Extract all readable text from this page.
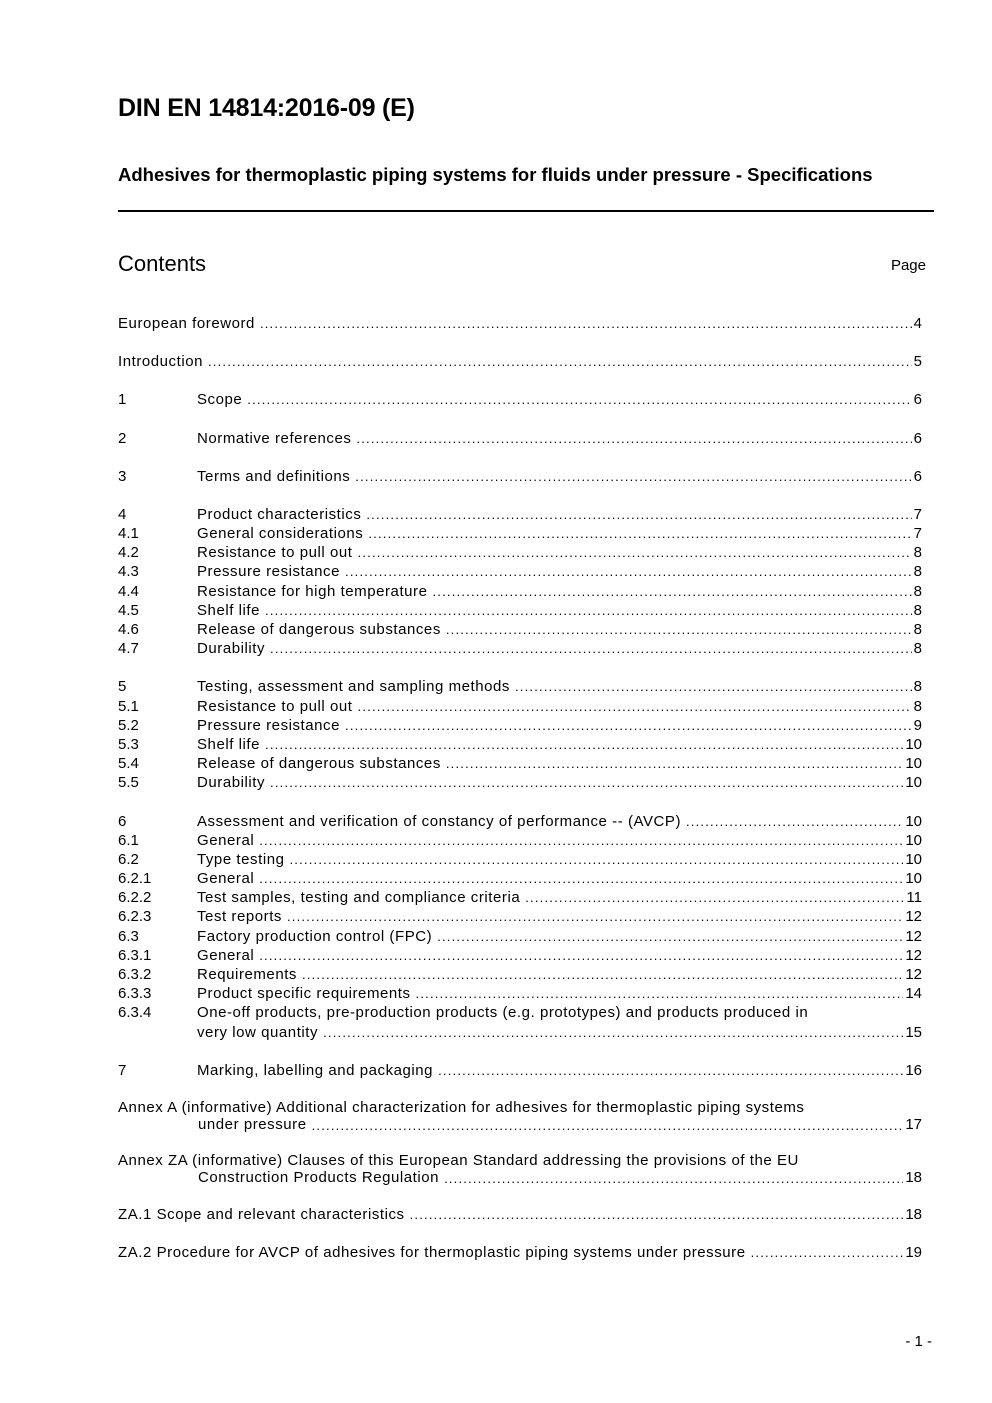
DIN EN 14814:2016-09 (E)
Adhesives for thermoplastic piping systems for fluids under pressure - Specifications
Contents	Page
European foreword .....	4
Introduction .....	5
1	Scope .....	6
2	Normative references .....	6
3	Terms and definitions .....	6
4	Product characteristics .....	7
4.1	General considerations .....	7
4.2	Resistance to pull out .....	8
4.3	Pressure resistance .....	8
4.4	Resistance for high temperature .....	8
4.5	Shelf life .....	8
4.6	Release of dangerous substances .....	8
4.7	Durability .....	8
5	Testing, assessment and sampling methods .....	8
5.1	Resistance to pull out .....	8
5.2	Pressure resistance .....	9
5.3	Shelf life .....	10
5.4	Release of dangerous substances .....	10
5.5	Durability .....	10
6	Assessment and verification of constancy of performance -- (AVCP) .....	10
6.1	General .....	10
6.2	Type testing .....	10
6.2.1	General .....	10
6.2.2	Test samples, testing and compliance criteria .....	11
6.2.3	Test reports .....	12
6.3	Factory production control (FPC) .....	12
6.3.1	General .....	12
6.3.2	Requirements .....	12
6.3.3	Product specific requirements .....	14
6.3.4	One-off products, pre-production products (e.g. prototypes) and products produced in
very low quantity .....	15
7	Marking, labelling and packaging .....	16
Annex A (informative) Additional characterization for adhesives for thermoplastic piping systems
under pressure .....	17
Annex ZA (informative) Clauses of this European Standard addressing the provisions of the EU
Construction Products Regulation .....	18
ZA.1 Scope and relevant characteristics .....	18
ZA.2 Procedure for AVCP of adhesives for thermoplastic piping systems under pressure .....	19
- 1 -
